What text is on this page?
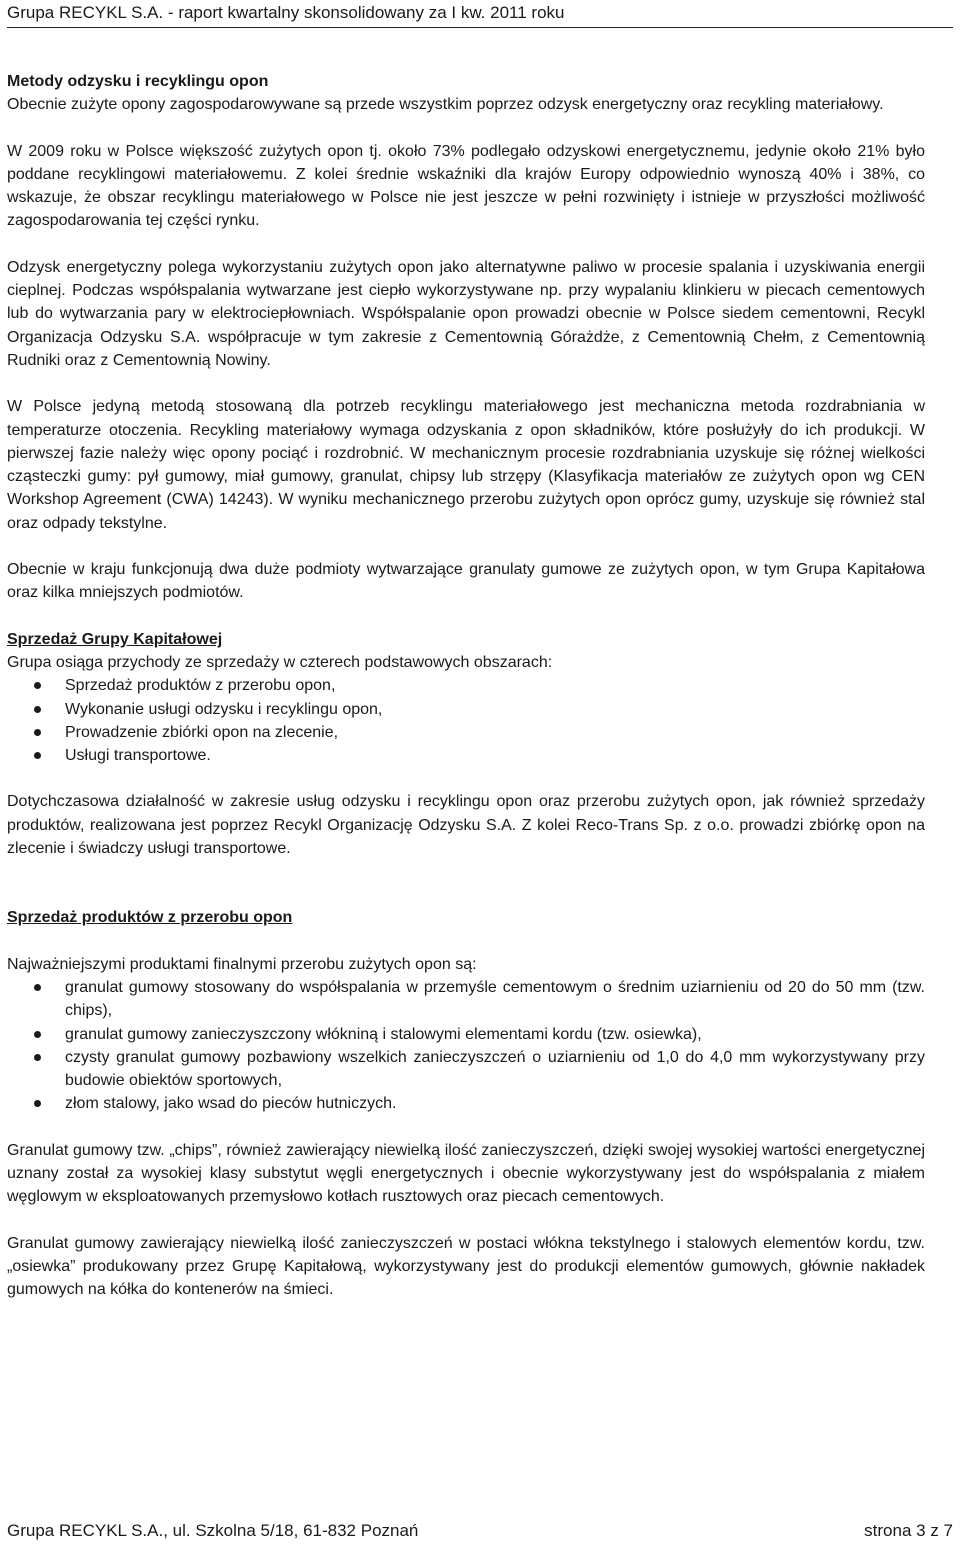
Grupa RECYKL S.A. - raport kwartalny skonsolidowany za I kw. 2011 roku

Metody odzysku i recyklingu opon

Obecnie zużyte opony zagospodarowywane są przede wszystkim poprzez odzysk energetyczny oraz recykling materiałowy.

W 2009 roku w Polsce większość zużytych opon tj. około 73% podlegało odzyskowi energetycznemu, jedynie około 21% było poddane recyklingowi materiałowemu. Z kolei średnie wskaźniki dla krajów Europy odpowiednio wynoszą 40% i 38%, co wskazuje, że obszar recyklingu materiałowego w Polsce nie jest jeszcze w pełni rozwinięty i istnieje w przyszłości możliwość zagospodarowania tej części rynku.

Odzysk energetyczny polega wykorzystaniu zużytych opon jako alternatywne paliwo w procesie spalania i uzyskiwania energii cieplnej. Podczas współspalania wytwarzane jest ciepło wykorzystywane np. przy wypalaniu klinkieru w piecach cementowych lub do wytwarzania pary w elektrociepłowniach. Współspalanie opon prowadzi obecnie w Polsce siedem cementowni, Recykl Organizacja Odzysku S.A. współpracuje w tym zakresie z Cementownią Górażdże, z Cementownią Chełm, z Cementownią Rudniki oraz z Cementownią Nowiny.

W Polsce jedyną metodą stosowaną dla potrzeb recyklingu materiałowego jest mechaniczna metoda rozdrabniania w temperaturze otoczenia. Recykling materiałowy wymaga odzyskania z opon składników, które posłużyły do ich produkcji. W pierwszej fazie należy więc opony pociąć i rozdrobnić. W mechanicznym procesie rozdrabniania uzyskuje się różnej wielkości cząsteczki gumy: pył gumowy, miał gumowy, granulat, chipsy lub strzępy (Klasyfikacja materiałów ze zużytych opon wg CEN Workshop Agreement (CWA) 14243). W wyniku mechanicznego przerobu zużytych opon oprócz gumy, uzyskuje się również stal oraz odpady tekstylne.

Obecnie w kraju funkcjonują dwa duże podmioty wytwarzające granulaty gumowe ze zużytych opon, w tym Grupa Kapitałowa oraz kilka mniejszych podmiotów.

Sprzedaż Grupy Kapitałowej

Grupa osiąga przychody ze sprzedaży w czterech podstawowych obszarach:

Sprzedaż produktów z przerobu opon,
Wykonanie usługi odzysku i recyklingu opon,
Prowadzenie zbiórki opon na zlecenie,
Usługi transportowe.

Dotychczasowa działalność w zakresie usług odzysku i recyklingu opon oraz przerobu zużytych opon, jak również sprzedaży produktów, realizowana jest poprzez Recykl Organizację Odzysku S.A. Z kolei Reco-Trans Sp. z o.o. prowadzi zbiórkę opon na zlecenie i świadczy usługi transportowe.

Sprzedaż produktów z przerobu opon

Najważniejszymi produktami finalnymi przerobu zużytych opon są:

granulat gumowy stosowany do współspalania w przemyśle cementowym o średnim uziarnieniu od 20 do 50 mm (tzw. chips),
granulat gumowy zanieczyszczony włókniną i stalowymi elementami kordu (tzw. osiewka),
czysty granulat gumowy pozbawiony wszelkich zanieczyszczeń o uziarnieniu od 1,0 do 4,0 mm wykorzystywany przy budowie obiektów sportowych,
złom stalowy, jako wsad do pieców hutniczych.

Granulat gumowy tzw. „chips”, również zawierający niewielką ilość zanieczyszczeń, dzięki swojej wysokiej wartości energetycznej uznany został za wysokiej klasy substytut węgli energetycznych i obecnie wykorzystywany jest do współspalania z miałem węglowym w eksploatowanych przemysłowo kotłach rusztowych oraz piecach cementowych.

Granulat gumowy zawierający niewielką ilość zanieczyszczeń w postaci włókna tekstylnego i stalowych elementów kordu, tzw. „osiewka” produkowany przez Grupę Kapitałową, wykorzystywany jest do produkcji elementów gumowych, głównie nakładek gumowych na kółka do kontenerów na śmieci.

Grupa RECYKL S.A., ul. Szkolna 5/18, 61-832 Poznań	strona 3 z 7
